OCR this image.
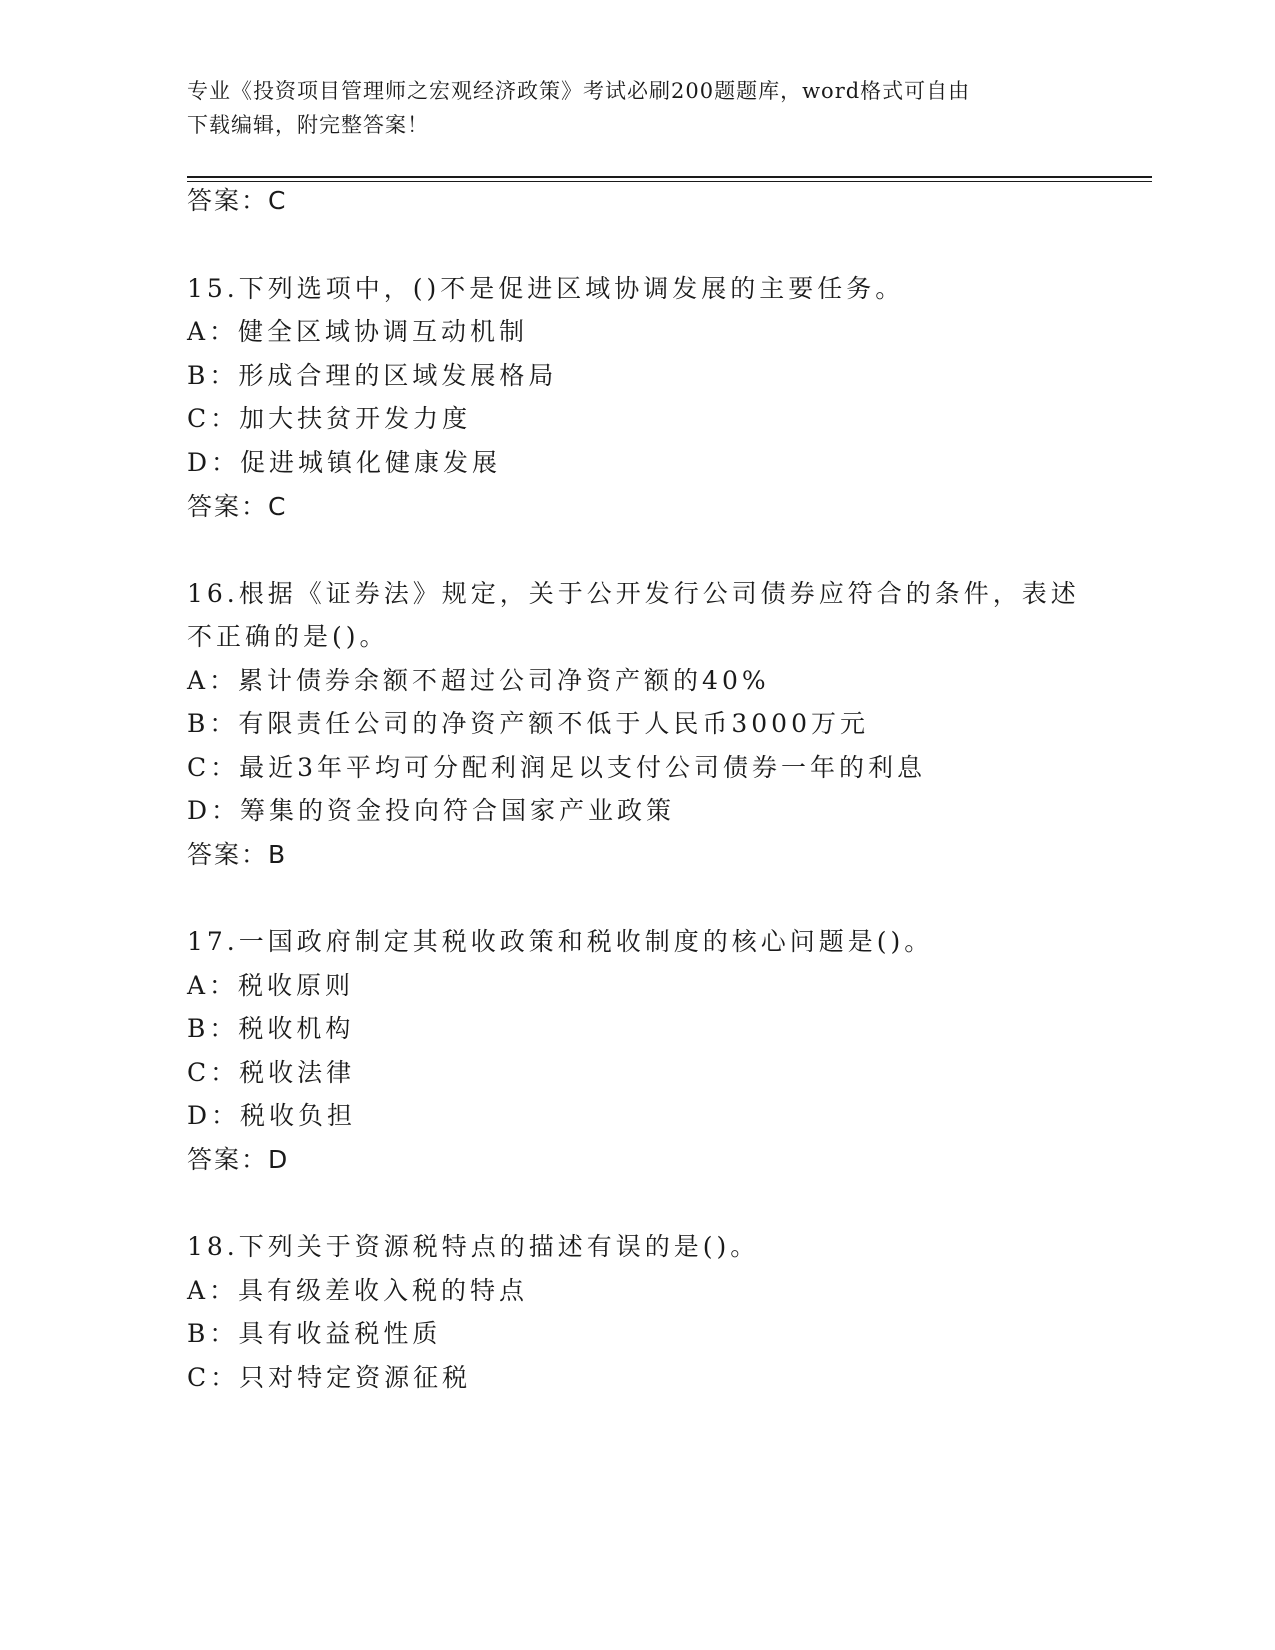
专业《投资项目管理师之宏观经济政策》考试必刷200题题库，word格式可自由
下载编辑，附完整答案！
答案：C
15.下列选项中，()不是促进区域协调发展的主要任务。
A：健全区域协调互动机制
B：形成合理的区域发展格局
C：加大扶贫开发力度
D：促进城镇化健康发展
答案：C
16.根据《证券法》规定，关于公开发行公司债券应符合的条件，表述
不正确的是()。
A：累计债券余额不超过公司净资产额的40%
B：有限责任公司的净资产额不低于人民币3000万元
C：最近3年平均可分配利润足以支付公司债券一年的利息
D：筹集的资金投向符合国家产业政策
答案：B
17.一国政府制定其税收政策和税收制度的核心问题是()。
A：税收原则
B：税收机构
C：税收法律
D：税收负担
答案：D
18.下列关于资源税特点的描述有误的是()。
A：具有级差收入税的特点
B：具有收益税性质
C：只对特定资源征税
